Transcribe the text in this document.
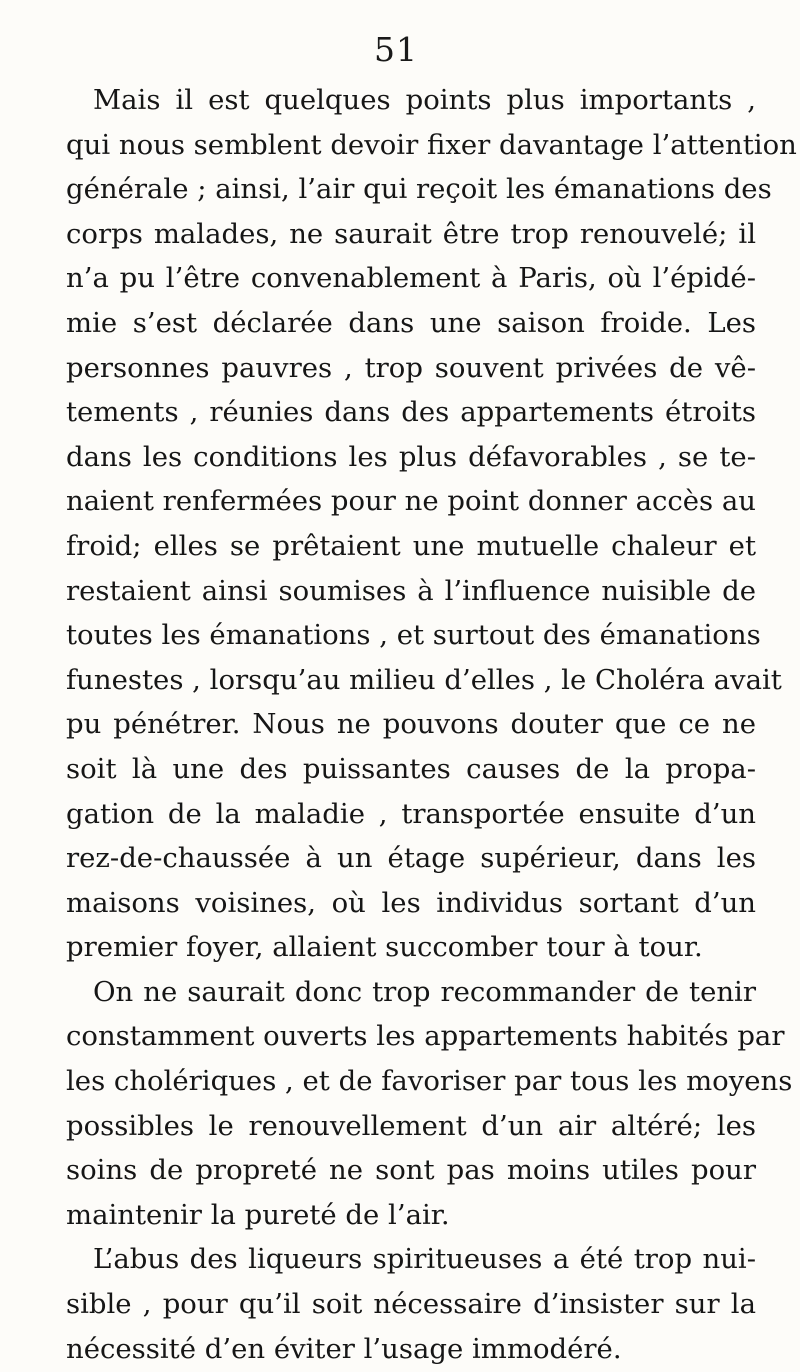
51
Mais il est quelques points plus importants ,
qui nous semblent devoir fixer davantage l’attention
générale ; ainsi, l’air qui reçoit les émanations des
corps malades, ne saurait être trop renouvelé; il
n’a pu l’être convenablement à Paris, où l’épidé-
mie s’est déclarée dans une saison froide. Les
personnes pauvres , trop souvent privées de vê-
tements , réunies dans des appartements étroits
dans les conditions les plus défavorables , se te-
naient renfermées pour ne point donner accès au
froid; elles se prêtaient une mutuelle chaleur et
restaient ainsi soumises à l’influence nuisible de
toutes les émanations , et surtout des émanations
funestes , lorsqu’au milieu d’elles , le Choléra avait
pu pénétrer. Nous ne pouvons douter que ce ne
soit là une des puissantes causes de la propa-
gation de la maladie , transportée ensuite d’un
rez-de-chaussée à un étage supérieur, dans les
maisons voisines, où les individus sortant d’un
premier foyer, allaient succomber tour à tour.
On ne saurait donc trop recommander de tenir
constamment ouverts les appartements habités par
les cholériques , et de favoriser par tous les moyens
possibles le renouvellement d’un air altéré; les
soins de propreté ne sont pas moins utiles pour
maintenir la pureté de l’air.
L’abus des liqueurs spiritueuses a été trop nui-
sible , pour qu’il soit nécessaire d’insister sur la
nécessité d’en éviter l’usage immodéré.
